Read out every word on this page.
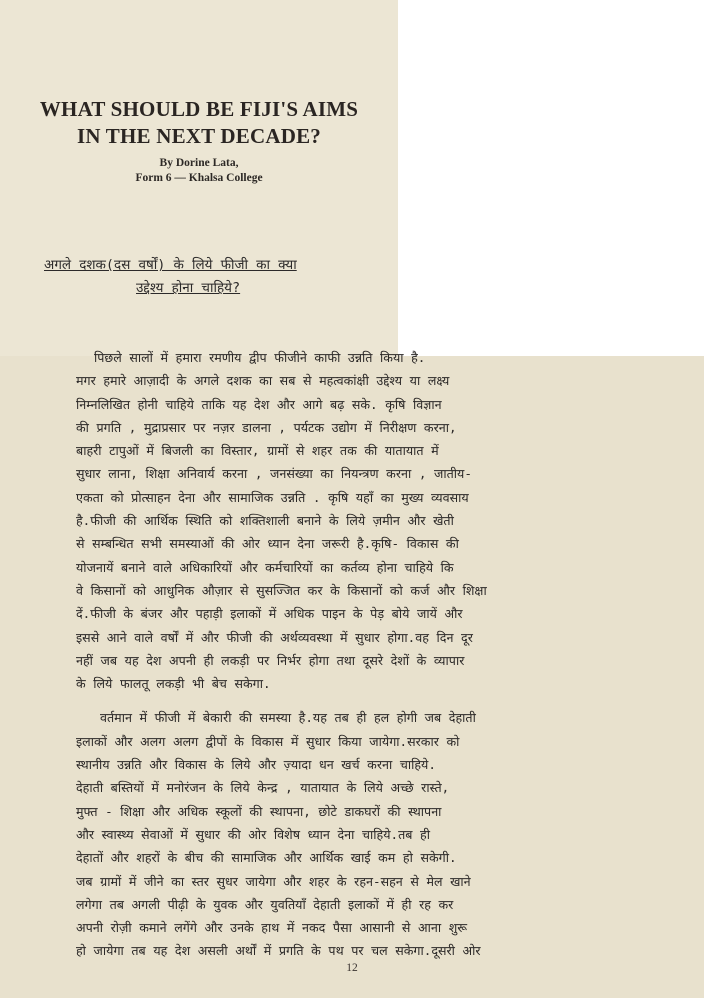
WHAT SHOULD BE FIJI'S AIMS
IN THE NEXT DECADE?
By Dorine Lata,
Form 6 — Khalsa College
अगले दशक(दस वर्षों) के लिये फीजी का क्या
उद्देश्य होना चाहिये?

पिछले सालों में हमारा रमणीय द्वीप फीजीने काफी उन्नति किया है.
मगर हमारे आज़ादी के अगले दशक का सब से महत्वकांक्षी उद्देश्य या लक्ष्य
निम्नलिखित होनी चाहिये ताकि यह देश और आगे बढ़ सके. कृषि विज्ञान
की प्रगति , मुद्राप्रसार पर नज़र डालना , पर्यटक उद्योग में निरीक्षण करना,
बाहरी टापुओं में बिजली का विस्तार, ग्रामों से शहर तक की यातायात में
सुधार लाना, शिक्षा अनिवार्य करना , जनसंख्या का नियन्त्रण करना , जातीय-
एकता को प्रोत्साहन देना और सामाजिक उन्नति . कृषि यहाँ का मुख्य व्यवसाय
है.फीजी की आर्थिक स्थिति को शक्तिशाली बनाने के लिये ज़मीन और खेती
से सम्बन्धित सभी समस्याओं की ओर ध्यान देना जरूरी है.कृषि- विकास की
योजनायें बनाने वाले अधिकारियों और कर्मचारियों का कर्तव्य होना चाहिये कि
वे किसानों को आधुनिक औज़ार से सुसज्जित कर के किसानों को कर्ज और शिक्षा
दें.फीजी के बंजर और पहाड़ी इलाकों में अधिक पाइन के पेड़ बोये जायें और
इससे आने वाले वर्षों में और फीजी की अर्थव्यवस्था में सुधार होगा.वह दिन दूर
नहीं जब यह देश अपनी ही लकड़ी पर निर्भर होगा तथा दूसरे देशों के व्यापार
के लिये फालतू लकड़ी भी बेच सकेगा.

वर्तमान में फीजी में बेकारी की समस्या है.यह तब ही हल होगी जब देहाती
इलाकों और अलग अलग द्वीपों के विकास में सुधार किया जायेगा.सरकार को
स्थानीय उन्नति और विकास के लिये और ज़्यादा धन खर्च करना चाहिये.
देहाती बस्तियों में मनोरंजन के लिये केन्द्र , यातायात के लिये अच्छे रास्ते,
मुफ्त - शिक्षा और अधिक स्कूलों की स्थापना, छोटे डाकघरों की स्थापना
और स्वास्थ्य सेवाओं में सुधार की ओर विशेष ध्यान देना चाहिये.तब ही
देहातों और शहरों के बीच की सामाजिक और आर्थिक खाई कम हो सकेगी.
जब ग्रामों में जीने का स्तर सुधर जायेगा और शहर के रहन-सहन से मेल खाने
लगेगा तब अगली पीढ़ी के युवक और युवतियाँ देहाती इलाकों में ही रह कर
अपनी रोज़ी कमाने लगेंगे और उनके हाथ में नकद पैसा आसानी से आना शुरू
हो जायेगा तब यह देश असली अर्थों में प्रगति के पथ पर चल सकेगा.दूसरी ओर

12
